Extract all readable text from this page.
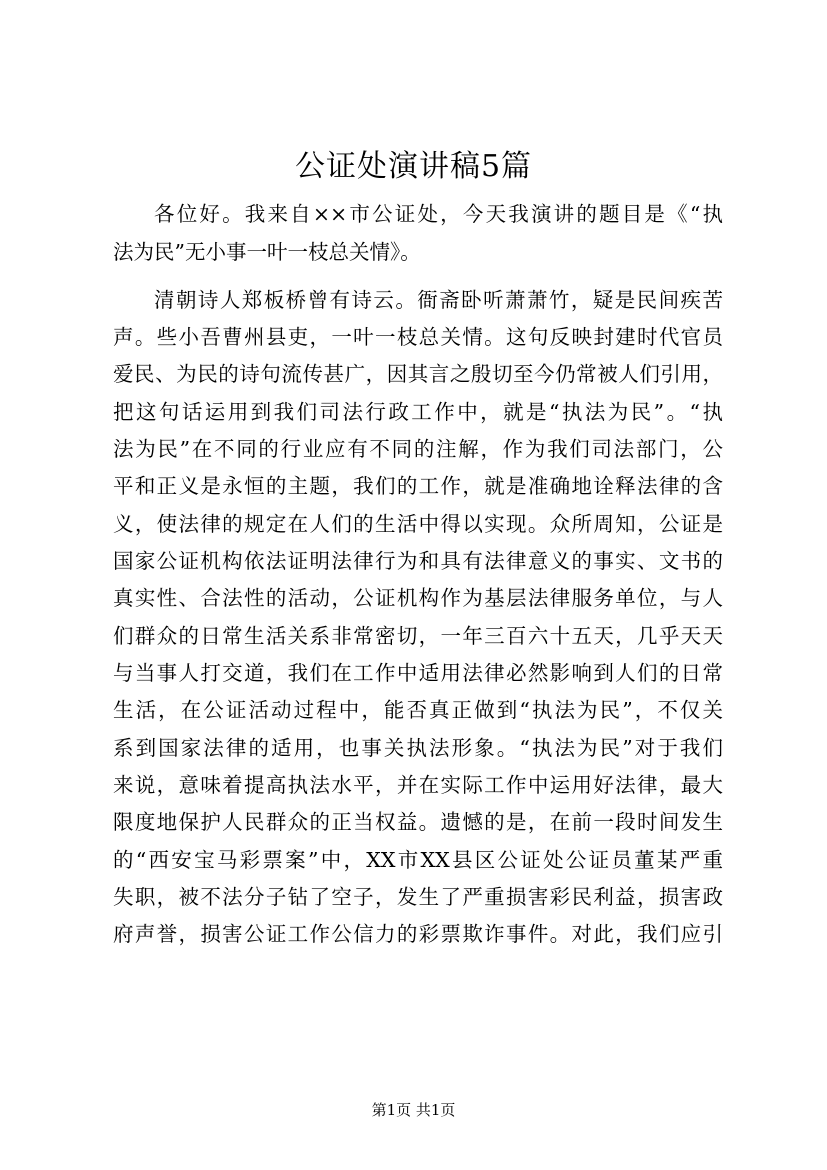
公证处演讲稿5篇
各位好。我来自××市公证处，今天我演讲的题目是《“执
法为民”无小事一叶一枝总关情》。
清朝诗人郑板桥曾有诗云。衙斋卧听萧萧竹，疑是民间疾苦
声。些小吾曹州县吏，一叶一枝总关情。这句反映封建时代官员
爱民、为民的诗句流传甚广，因其言之殷切至今仍常被人们引用，
把这句话运用到我们司法行政工作中，就是“执法为民”。“执
法为民”在不同的行业应有不同的注解，作为我们司法部门，公
平和正义是永恒的主题，我们的工作，就是准确地诠释法律的含
义，使法律的规定在人们的生活中得以实现。众所周知，公证是
国家公证机构依法证明法律行为和具有法律意义的事实、文书的
真实性、合法性的活动，公证机构作为基层法律服务单位，与人
们群众的日常生活关系非常密切，一年三百六十五天，几乎天天
与当事人打交道，我们在工作中适用法律必然影响到人们的日常
生活，在公证活动过程中，能否真正做到“执法为民”，不仅关
系到国家法律的适用，也事关执法形象。“执法为民”对于我们
来说，意味着提高执法水平，并在实际工作中运用好法律，最大
限度地保护人民群众的正当权益。遗憾的是，在前一段时间发生
的“西安宝马彩票案”中，XX市XX县区公证处公证员董某严重
失职，被不法分子钻了空子，发生了严重损害彩民利益，损害政
府声誉，损害公证工作公信力的彩票欺诈事件。对此，我们应引
第1页 共1页
